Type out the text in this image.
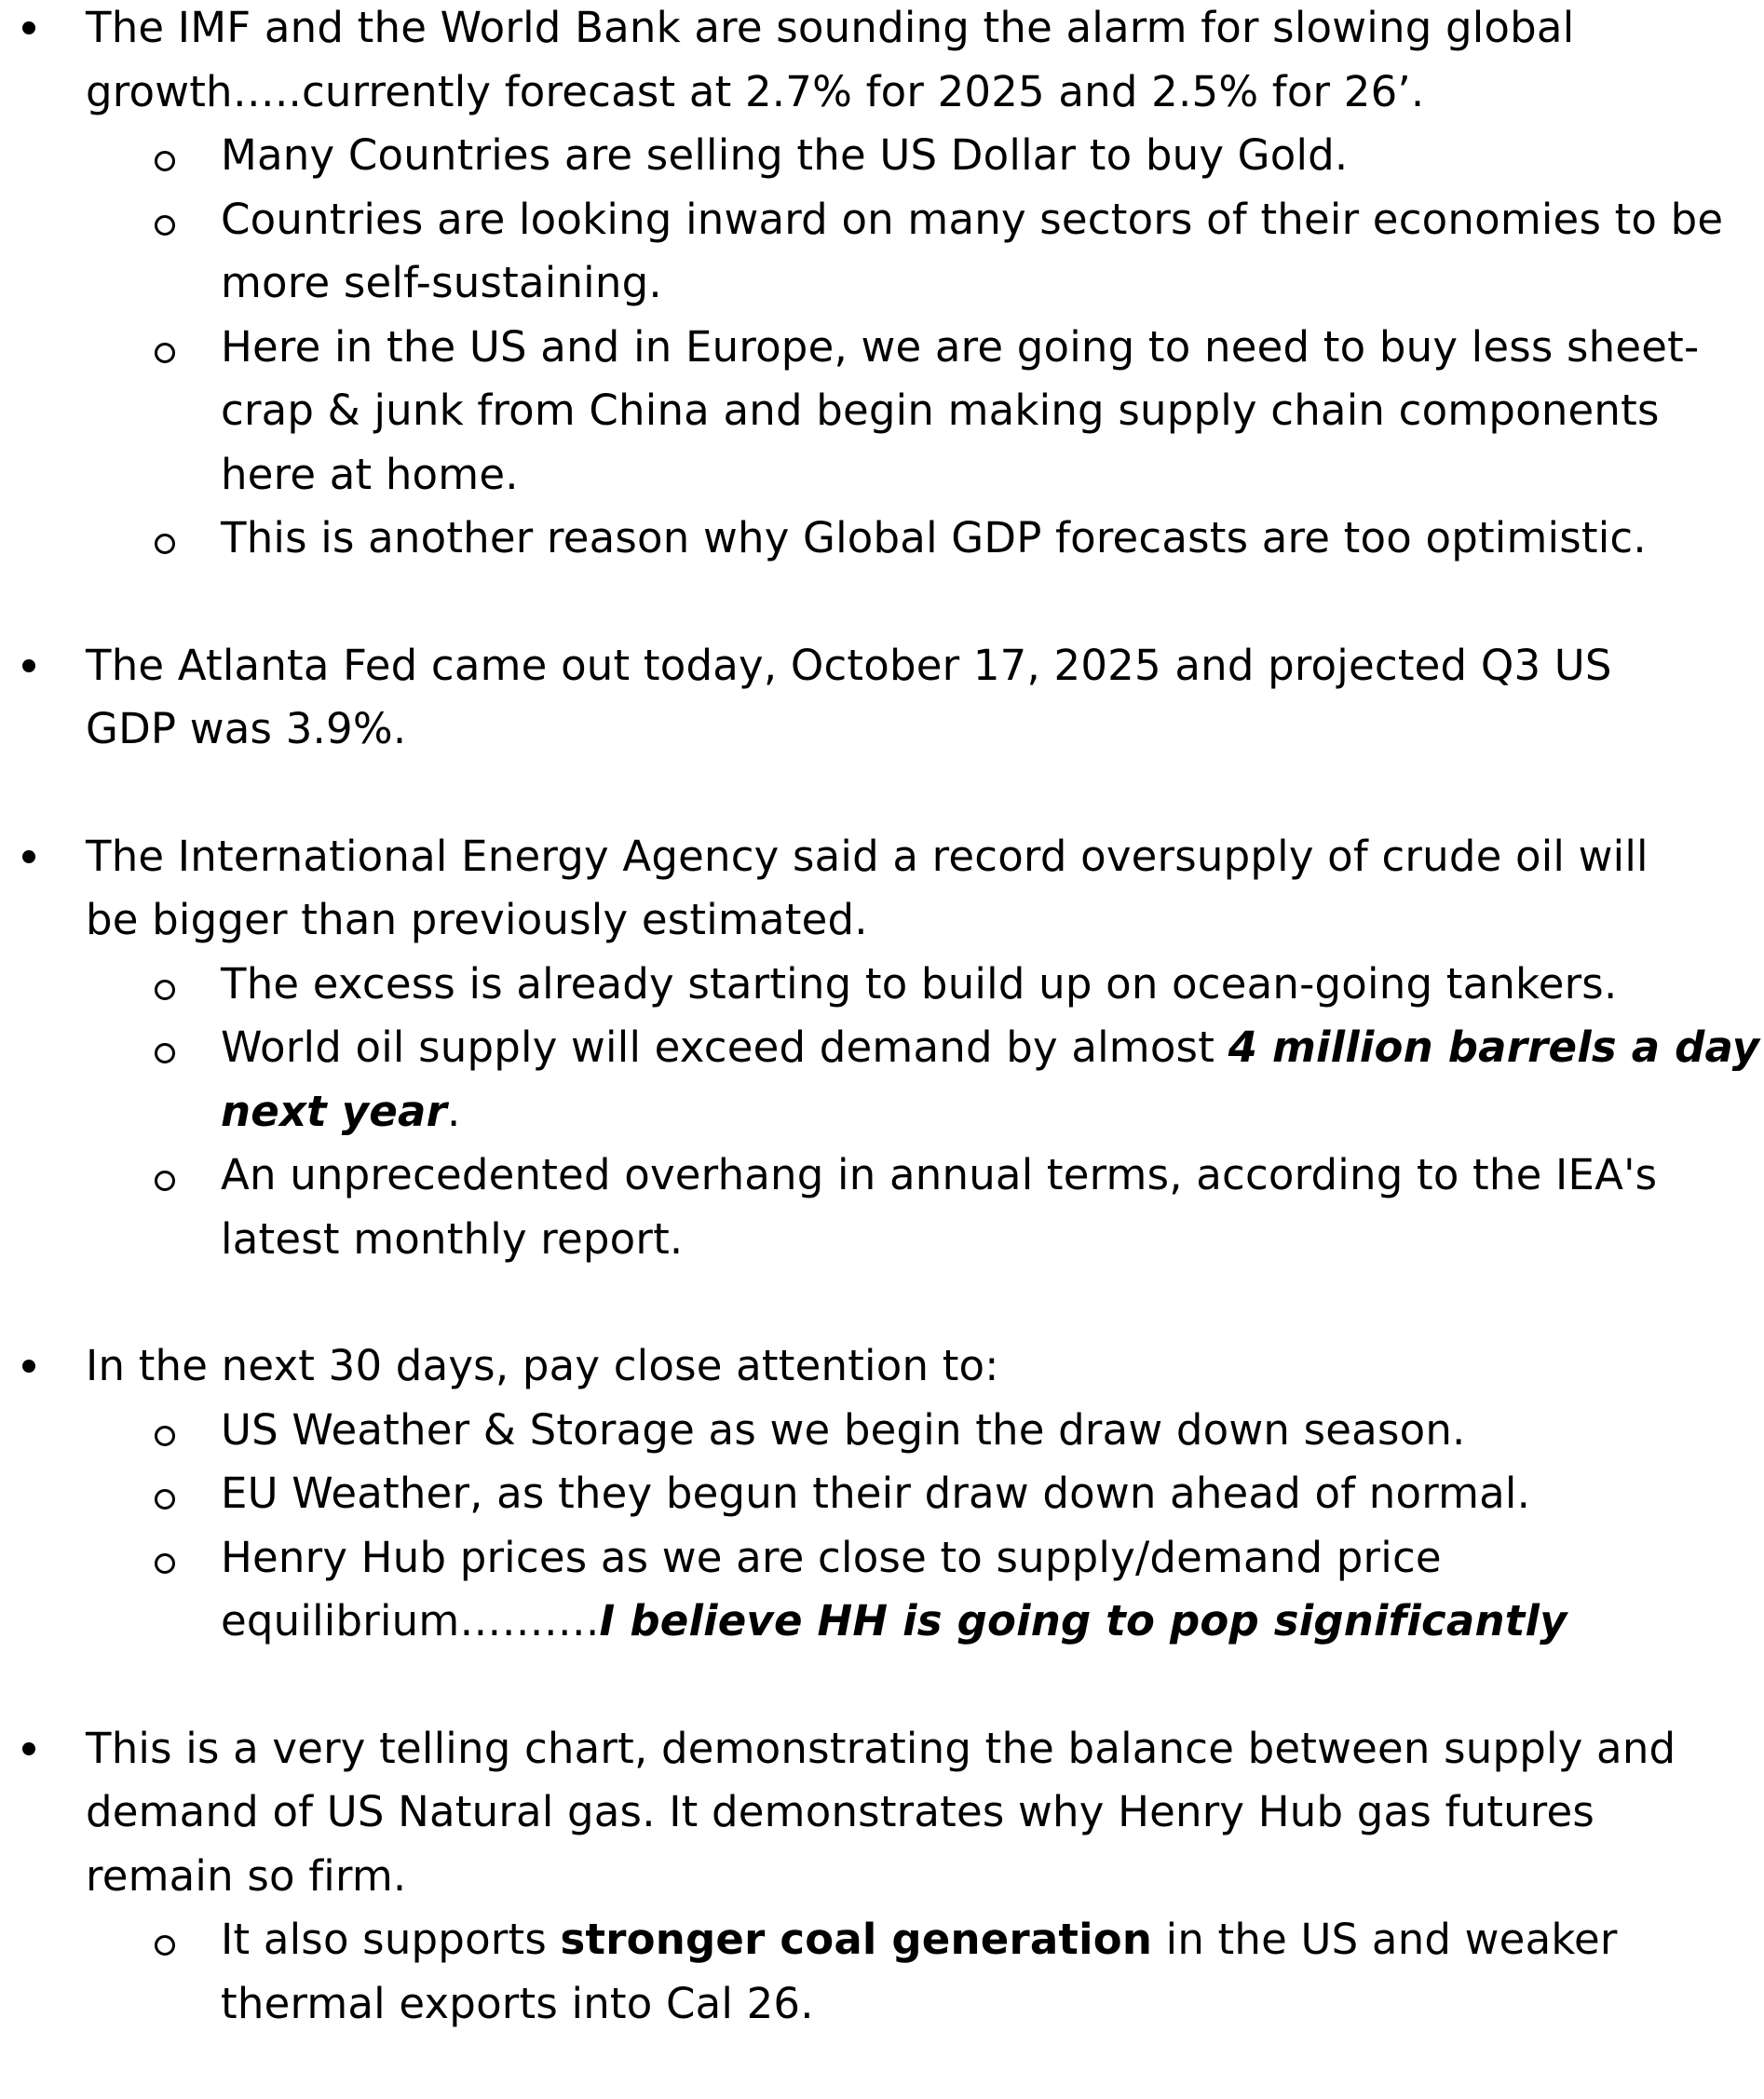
The IMF and the World Bank are sounding the alarm for slowing global growth…..currently forecast at 2.7% for 2025 and 2.5% for 26’.

Many Countries are selling the US Dollar to buy Gold.

Countries are looking inward on many sectors of their economies to be more self-sustaining.

Here in the US and in Europe, we are going to need to buy less sheet-crap & junk from China and begin making supply chain components here at home.

This is another reason why Global GDP forecasts are too optimistic.

The Atlanta Fed came out today, October 17, 2025 and projected Q3 US GDP was 3.9%.

The International Energy Agency said a record oversupply of crude oil will be bigger than previously estimated.

The excess is already starting to build up on ocean-going tankers.

World oil supply will exceed demand by almost 4 million barrels a day next year.

An unprecedented overhang in annual terms, according to the IEA's latest monthly report.

In the next 30 days, pay close attention to:

US Weather & Storage as we begin the draw down season.

EU Weather, as they begun their draw down ahead of normal.

Henry Hub prices as we are close to supply/demand price equilibrium……….I believe HH is going to pop significantly

This is a very telling chart, demonstrating the balance between supply and demand of US Natural gas. It demonstrates why Henry Hub gas futures remain so firm.

It also supports stronger coal generation in the US and weaker thermal exports into Cal 26.
